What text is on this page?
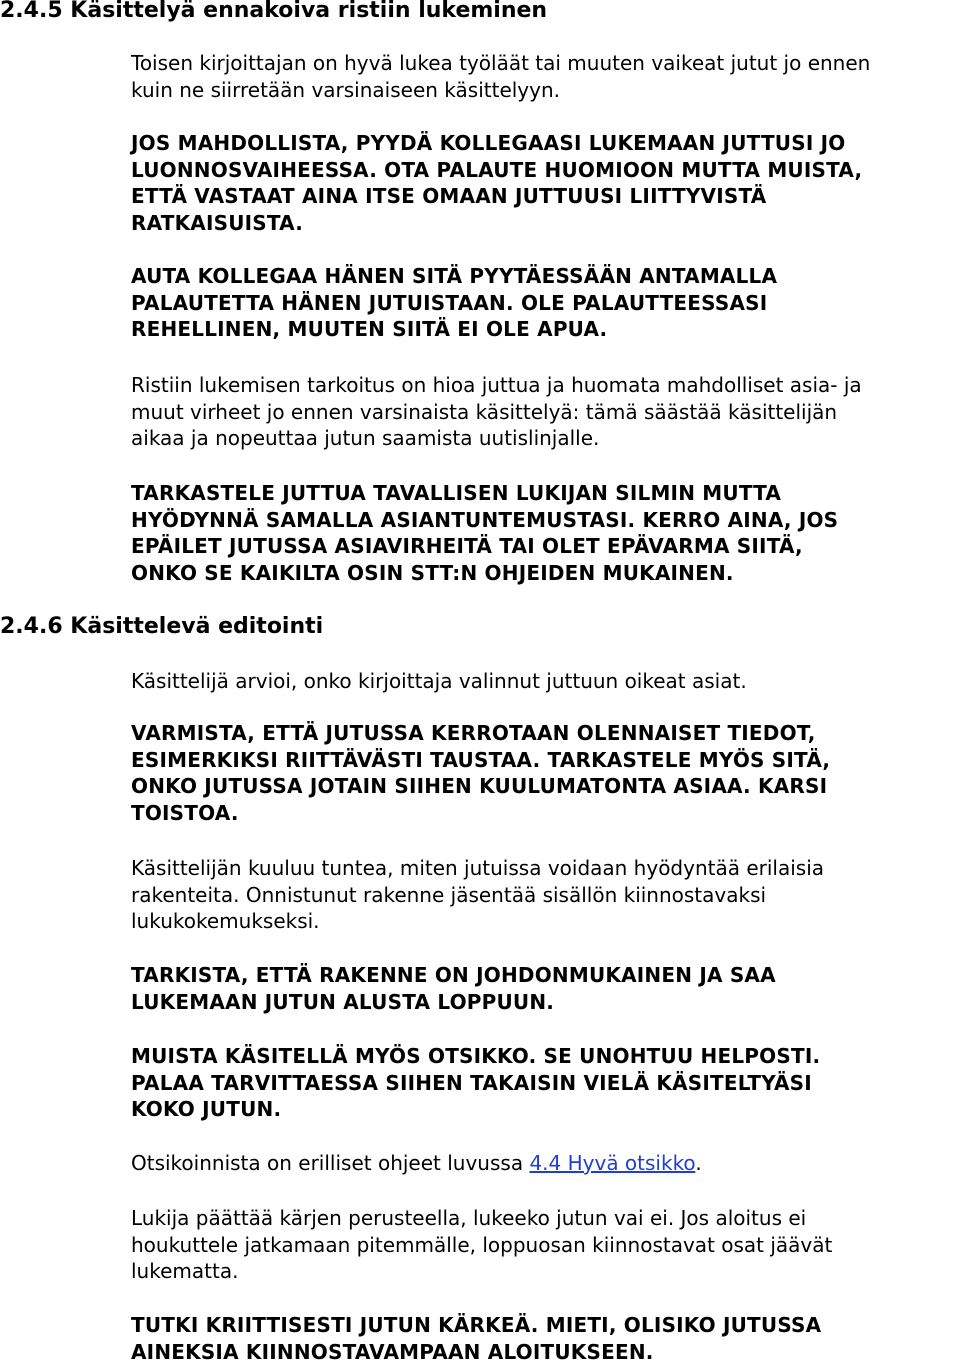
2.4.5 Käsittelyä ennakoiva ristiin lukeminen

Toisen kirjoittajan on hyvä lukea työläät tai muuten vaikeat jutut jo ennen
kuin ne siirretään varsinaiseen käsittelyyn.

JOS MAHDOLLISTA, PYYDÄ KOLLEGAASI LUKEMAAN JUTTUSI JO
LUONNOSVAIHEESSA. OTA PALAUTE HUOMIOON MUTTA MUISTA,
ETTÄ VASTAAT AINA ITSE OMAAN JUTTUUSI LIITTYVISTÄ
RATKAISUISTA.

AUTA KOLLEGAA HÄNEN SITÄ PYYTÄESSÄÄN ANTAMALLA
PALAUTETTA HÄNEN JUTUISTAAN. OLE PALAUTTEESSASI
REHELLINEN, MUUTEN SIITÄ EI OLE APUA.

Ristiin lukemisen tarkoitus on hioa juttua ja huomata mahdolliset asia- ja
muut virheet jo ennen varsinaista käsittelyä: tämä säästää käsittelijän
aikaa ja nopeuttaa jutun saamista uutislinjalle.

TARKASTELE JUTTUA TAVALLISEN LUKIJAN SILMIN MUTTA
HYÖDYNNÄ SAMALLA ASIANTUNTEMUSTASI. KERRO AINA, JOS
EPÄILET JUTUSSA ASIAVIRHEITÄ TAI OLET EPÄVARMA SIITÄ,
ONKO SE KAIKILTA OSIN STT:N OHJEIDEN MUKAINEN.

2.4.6 Käsittelevä editointi

Käsittelijä arvioi, onko kirjoittaja valinnut juttuun oikeat asiat.

VARMISTA, ETTÄ JUTUSSA KERROTAAN OLENNAISET TIEDOT,
ESIMERKIKSI RIITTÄVÄSTI TAUSTAA. TARKASTELE MYÖS SITÄ,
ONKO JUTUSSA JOTAIN SIIHEN KUULUMATONTA ASIAA. KARSI
TOISTOA.

Käsittelijän kuuluu tuntea, miten jutuissa voidaan hyödyntää erilaisia
rakenteita. Onnistunut rakenne jäsentää sisällön kiinnostavaksi
lukukokemukseksi.

TARKISTA, ETTÄ RAKENNE ON JOHDONMUKAINEN JA SAA
LUKEMAAN JUTUN ALUSTA LOPPUUN.

MUISTA KÄSITELLÄ MYÖS OTSIKKO. SE UNOHTUU HELPOSTI.
PALAA TARVITTAESSA SIIHEN TAKAISIN VIELÄ KÄSITELTYÄSI
KOKO JUTUN.

Otsikoinnista on erilliset ohjeet luvussa 4.4 Hyvä otsikko.

Lukija päättää kärjen perusteella, lukeeko jutun vai ei. Jos aloitus ei
houkuttele jatkamaan pitemmälle, loppuosan kiinnostavat osat jäävät
lukematta.

TUTKI KRIITTISESTI JUTUN KÄRKEÄ. MIETI, OLISIKO JUTUSSA
AINEKSIA KIINNOSTAVAMPAAN ALOITUKSEEN.
